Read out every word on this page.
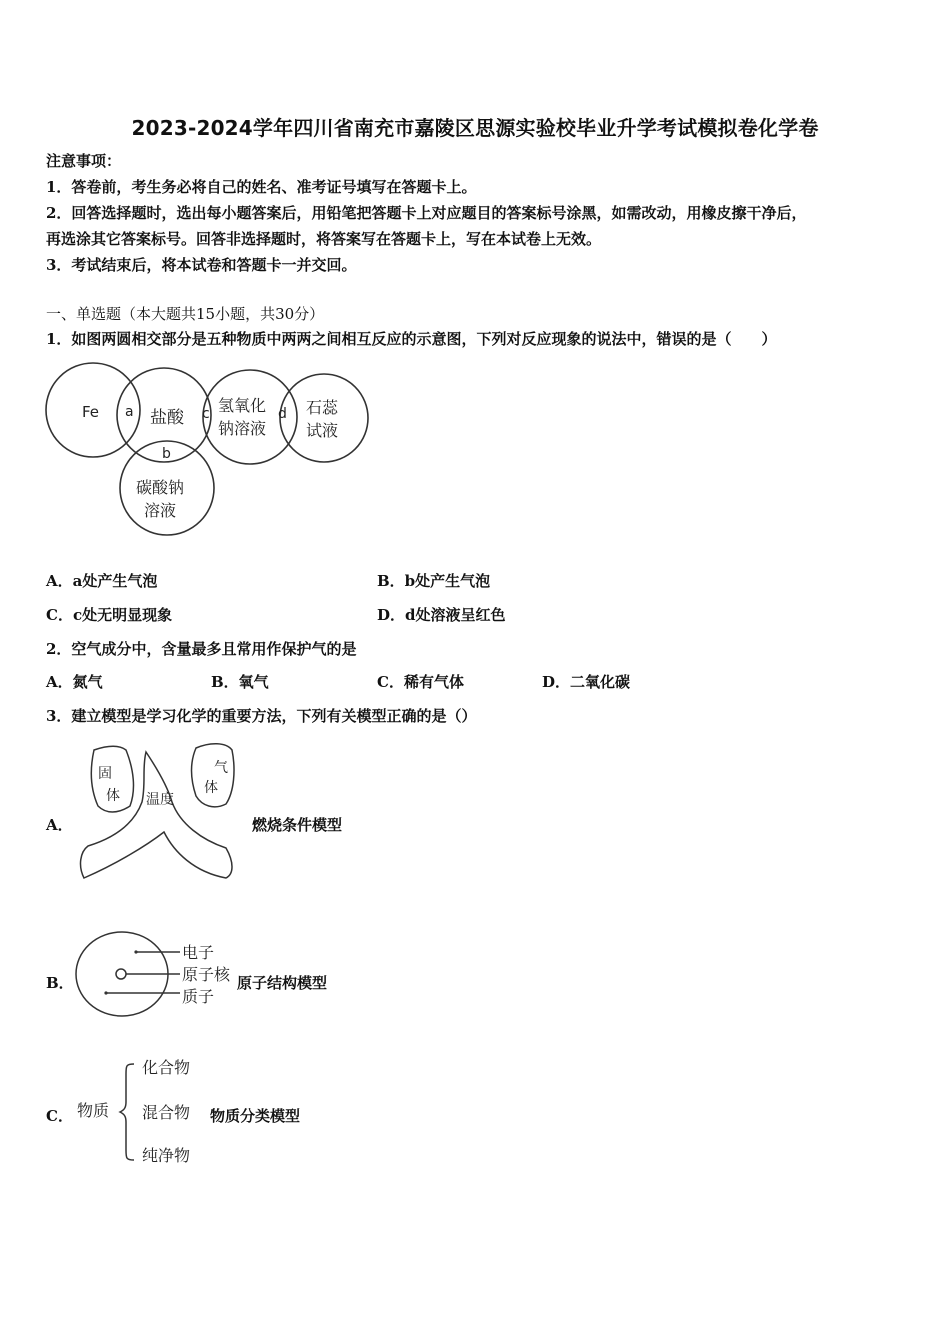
2023-2024学年四川省南充市嘉陵区思源实验校毕业升学考试模拟卷化学卷
注意事项：
1．答卷前，考生务必将自己的姓名、准考证号填写在答题卡上。
2．回答选择题时，选出每小题答案后，用铅笔把答题卡上对应题目的答案标号涂黑，如需改动，用橡皮擦干净后，
再选涂其它答案标号。回答非选择题时，将答案写在答题卡上，写在本试卷上无效。
3．考试结束后，将本试卷和答题卡一并交回。
一、单选题（本大题共15小题，共30分）
1．如图两圆相交部分是五种物质中两两之间相互反应的示意图，下列对反应现象的说法中，错误的是（　　）
Fe a 盐酸 c 氢氧化
钠溶液
d 石蕊
试液
b
碳酸钠
溶液
A．a处产生气泡	B．b处产生气泡
C．c处无明显现象	D．d处溶液呈红色
2．空气成分中，含量最多且常用作保护气的是
A．氮气	B．氧气	C．稀有气体	D．二氧化碳
3．建立模型是学习化学的重要方法，下列有关模型正确的是（）
A．
固
体
气
体
温度
燃烧条件模型
B．
电子
原子核
质子
原子结构模型
C． 物质
化合物
混合物
纯净物
物质分类模型
